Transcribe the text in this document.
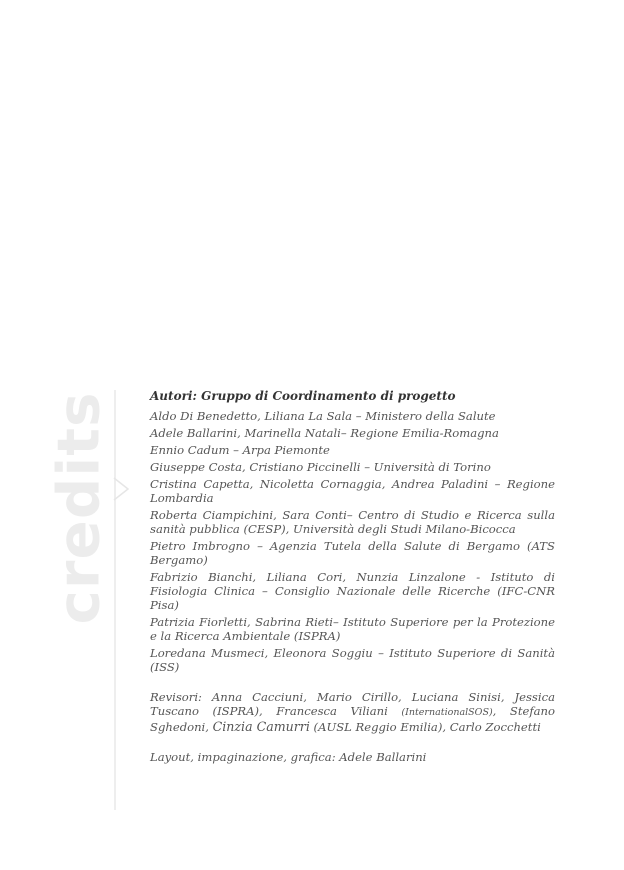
credits	Autori: Gruppo di Coordinamento di progetto
Aldo Di Benedetto, Liliana La Sala – Ministero della Salute
Adele Ballarini, Marinella Natali– Regione Emilia-Romagna
Ennio Cadum – Arpa Piemonte
Giuseppe Costa, Cristiano Piccinelli – Università di Torino
Cristina Capetta, Nicoletta Cornaggia, Andrea Paladini – Regione Lombardia
Roberta Ciampichini, Sara Conti– Centro di Studio e Ricerca sulla sanità pubblica (CESP), Università degli Studi Milano-Bicocca
Pietro Imbrogno – Agenzia Tutela della Salute di Bergamo (ATS Bergamo)
Fabrizio Bianchi, Liliana Cori, Nunzia Linzalone - Istituto di Fisiologia Clinica – Consiglio Nazionale delle Ricerche (IFC-CNR Pisa)
Patrizia Fiorletti, Sabrina Rieti– Istituto Superiore per la Protezione e la Ricerca Ambientale (ISPRA)
Loredana Musmeci, Eleonora Soggiu – Istituto Superiore di Sanità (ISS)
Revisori: Anna Cacciuni, Mario Cirillo, Luciana Sinisi, Jessica Tuscano (ISPRA), Francesca Viliani (InternationalSOS), Stefano Sghedoni, Cinzia Camurri (AUSL Reggio Emilia), Carlo Zocchetti
Layout, impaginazione, grafica: Adele Ballarini
